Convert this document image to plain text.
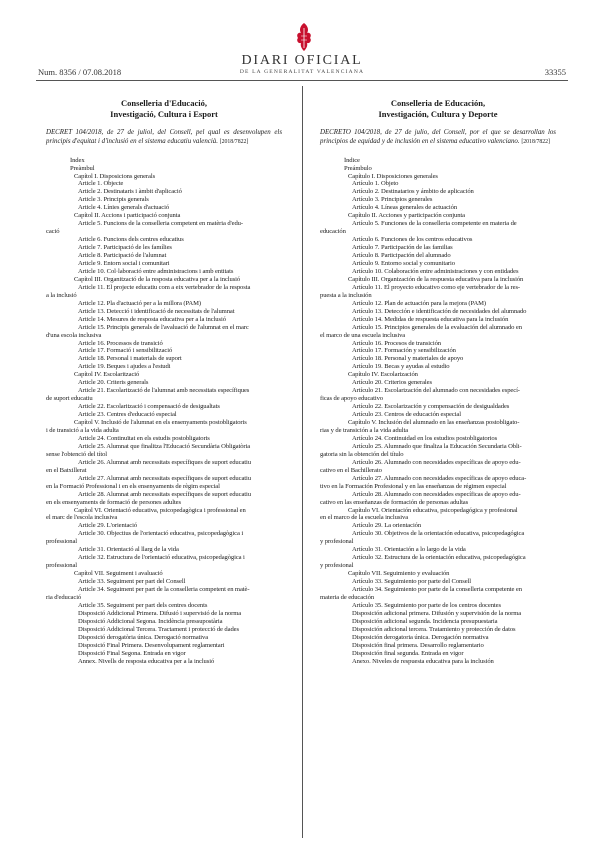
DIARI OFICIAL
DE LA GENERALITAT VALENCIANA
Num. 8356 / 07.08.2018	33355
Conselleria d'Educació,
Investigació, Cultura i Esport
DECRET 104/2018, de 27 de juliol, del Consell, pel qual es desenvolupen els principis d'equitat i d'inclusió en el sistema educatiu valencià. [2018/7822]
Índex
Preàmbul
Capítol I. Disposicions generals
Article 1. Objecte
Article 2. Destinataris i àmbit d'aplicació
Article 3. Principis generals
Article 4. Línies generals d'actuació
Capítol II. Accions i participació conjunta
Article 5. Funcions de la conselleria competent en matèria d'edu-
cació
Article 6. Funcions dels centres educatius
Article 7. Participació de les famílies
Article 8. Participació de l'alumnat
Article 9. Entorn social i comunitari
Article 10. Col·laboració entre administracions i amb entitats
Capítol III. Organització de la resposta educativa per a la inclusió
Article 11. El projecte educatiu com a eix vertebrador de la resposta
a la inclusió
Article 12. Pla d'actuació per a la millora (PAM)
Article 13. Detecció i identificació de necessitats de l'alumnat
Article 14. Mesures de resposta educativa per a la inclusió
Article 15. Principis generals de l'avaluació de l'alumnat en el marc
d'una escola inclusiva
Article 16. Processos de transició
Article 17. Formació i sensibilització
Article 18. Personal i materials de suport
Article 19. Beques i ajudes a l'estudi
Capítol IV. Escolarització
Article 20. Criteris generals
Article 21. Escolarització de l'alumnat amb necessitats específiques
de suport educatiu
Article 22. Escolarització i compensació de desigualtats
Article 23. Centres d'educació especial
Capítol V. Inclusió de l'alumnat en els ensenyaments postobligatoris
i de transició a la vida adulta
Article 24. Continuïtat en els estudis postobligatoris
Article 25. Alumnat que finalitza l'Educació Secundària Obligatòria
sense l'obtenció del títol
Article 26. Alumnat amb necessitats específiques de suport educatiu
en el Batxillerat
Article 27. Alumnat amb necessitats específiques de suport educatiu
en la Formació Professional i en els ensenyaments de règim especial
Article 28. Alumnat amb necessitats específiques de suport educatiu
en els ensenyaments de formació de persones adultes
Capítol VI. Orientació educativa, psicopedagògica i professional en
el marc de l'escola inclusiva
Article 29. L'orientació
Article 30. Objectius de l'orientació educativa, psicopedagògica i
professional
Article 31. Orientació al llarg de la vida
Article 32. Estructura de l'orientació educativa, psicopedagògica i
professional
Capítol VII. Seguiment i avaluació
Article 33. Seguiment per part del Consell
Article 34. Seguiment per part de la conselleria competent en matè-
ria d'educació
Article 35. Seguiment per part dels centres docents
Disposició Addicional Primera. Difusió i supervisió de la norma
Disposició Addicional Segona. Incidència pressupostària
Disposició Addicional Tercera. Tractament i protecció de dades
Disposició derogatòria única. Derogació normativa
Disposició Final Primera. Desenvolupament reglamentari
Disposició Final Segona. Entrada en vigor
Annex. Nivells de resposta educativa per a la inclusió
Conselleria de Educación,
Investigación, Cultura y Deporte
DECRETO 104/2018, de 27 de julio, del Consell, por el que se desarrollan los principios de equidad y de inclusión en el sistema educativo valenciano. [2018/7822]
Índice
Preámbulo
Capítulo I. Disposiciones generales
Artículo 1. Objeto
Artículo 2. Destinatarios y ámbito de aplicación
Artículo 3. Principios generales
Artículo 4. Líneas generales de actuación
Capítulo II. Acciones y participación conjunta
Artículo 5. Funciones de la conselleria competente en materia de
educación
Artículo 6. Funciones de los centros educativos
Artículo 7. Participación de las familias
Artículo 8. Participación del alumnado
Artículo 9. Entorno social y comunitario
Artículo 10. Colaboración entre administraciones y con entidades
Capítulo III. Organización de la respuesta educativa para la inclusión
Artículo 11. El proyecto educativo como eje vertebrador de la res-
puesta a la inclusión
Artículo 12. Plan de actuación para la mejora (PAM)
Artículo 13. Detección e identificación de necesidades del alumnado
Artículo 14. Medidas de respuesta educativa para la inclusión
Artículo 15. Principios generales de la evaluación del alumnado en
el marco de una escuela inclusiva
Artículo 16. Procesos de transición
Artículo 17. Formación y sensibilización
Artículo 18. Personal y materiales de apoyo
Artículo 19. Becas y ayudas al estudio
Capítulo IV. Escolarización
Artículo 20. Criterios generales
Artículo 21. Escolarización del alumnado con necesidades especí-
ficas de apoyo educativo
Artículo 22. Escolarización y compensación de desigualdades
Artículo 23. Centros de educación especial
Capítulo V. Inclusión del alumnado en las enseñanzas postobligato-
rias y de transición a la vida adulta
Artículo 24. Continuidad en los estudios postobligatorios
Artículo 25. Alumnado que finaliza la Educación Secundaria Obli-
gatoria sin la obtención del título
Artículo 26. Alumnado con necesidades específicas de apoyo edu-
cativo en el Bachillerato
Artículo 27. Alumnado con necesidades específicas de apoyo educa-
tivo en la Formación Profesional y en las enseñanzas de régimen especial
Artículo 28. Alumnado con necesidades específicas de apoyo edu-
cativo en las enseñanzas de formación de personas adultas
Capítulo VI. Orientación educativa, psicopedagógica y profesional
en el marco de la escuela inclusiva
Artículo 29. La orientación
Artículo 30. Objetivos de la orientación educativa, psicopedagógica
y profesional
Artículo 31. Orientación a lo largo de la vida
Artículo 32. Estructura de la orientación educativa, psicopedagógica
y profesional
Capítulo VII. Seguimiento y evaluación
Artículo 33. Seguimiento por parte del Consell
Artículo 34. Seguimiento por parte de la conselleria competente en
materia de educación
Artículo 35. Seguimiento por parte de los centros docentes
Disposición adicional primera. Difusión y supervisión de la norma
Disposición adicional segunda. Incidencia presupuestaria
Disposición adicional tercera. Tratamiento y protección de datos
Disposición derogatoria única. Derogación normativa
Disposición final primera. Desarrollo reglamentario
Disposición final segunda. Entrada en vigor
Anexo. Niveles de respuesta educativa para la inclusión
